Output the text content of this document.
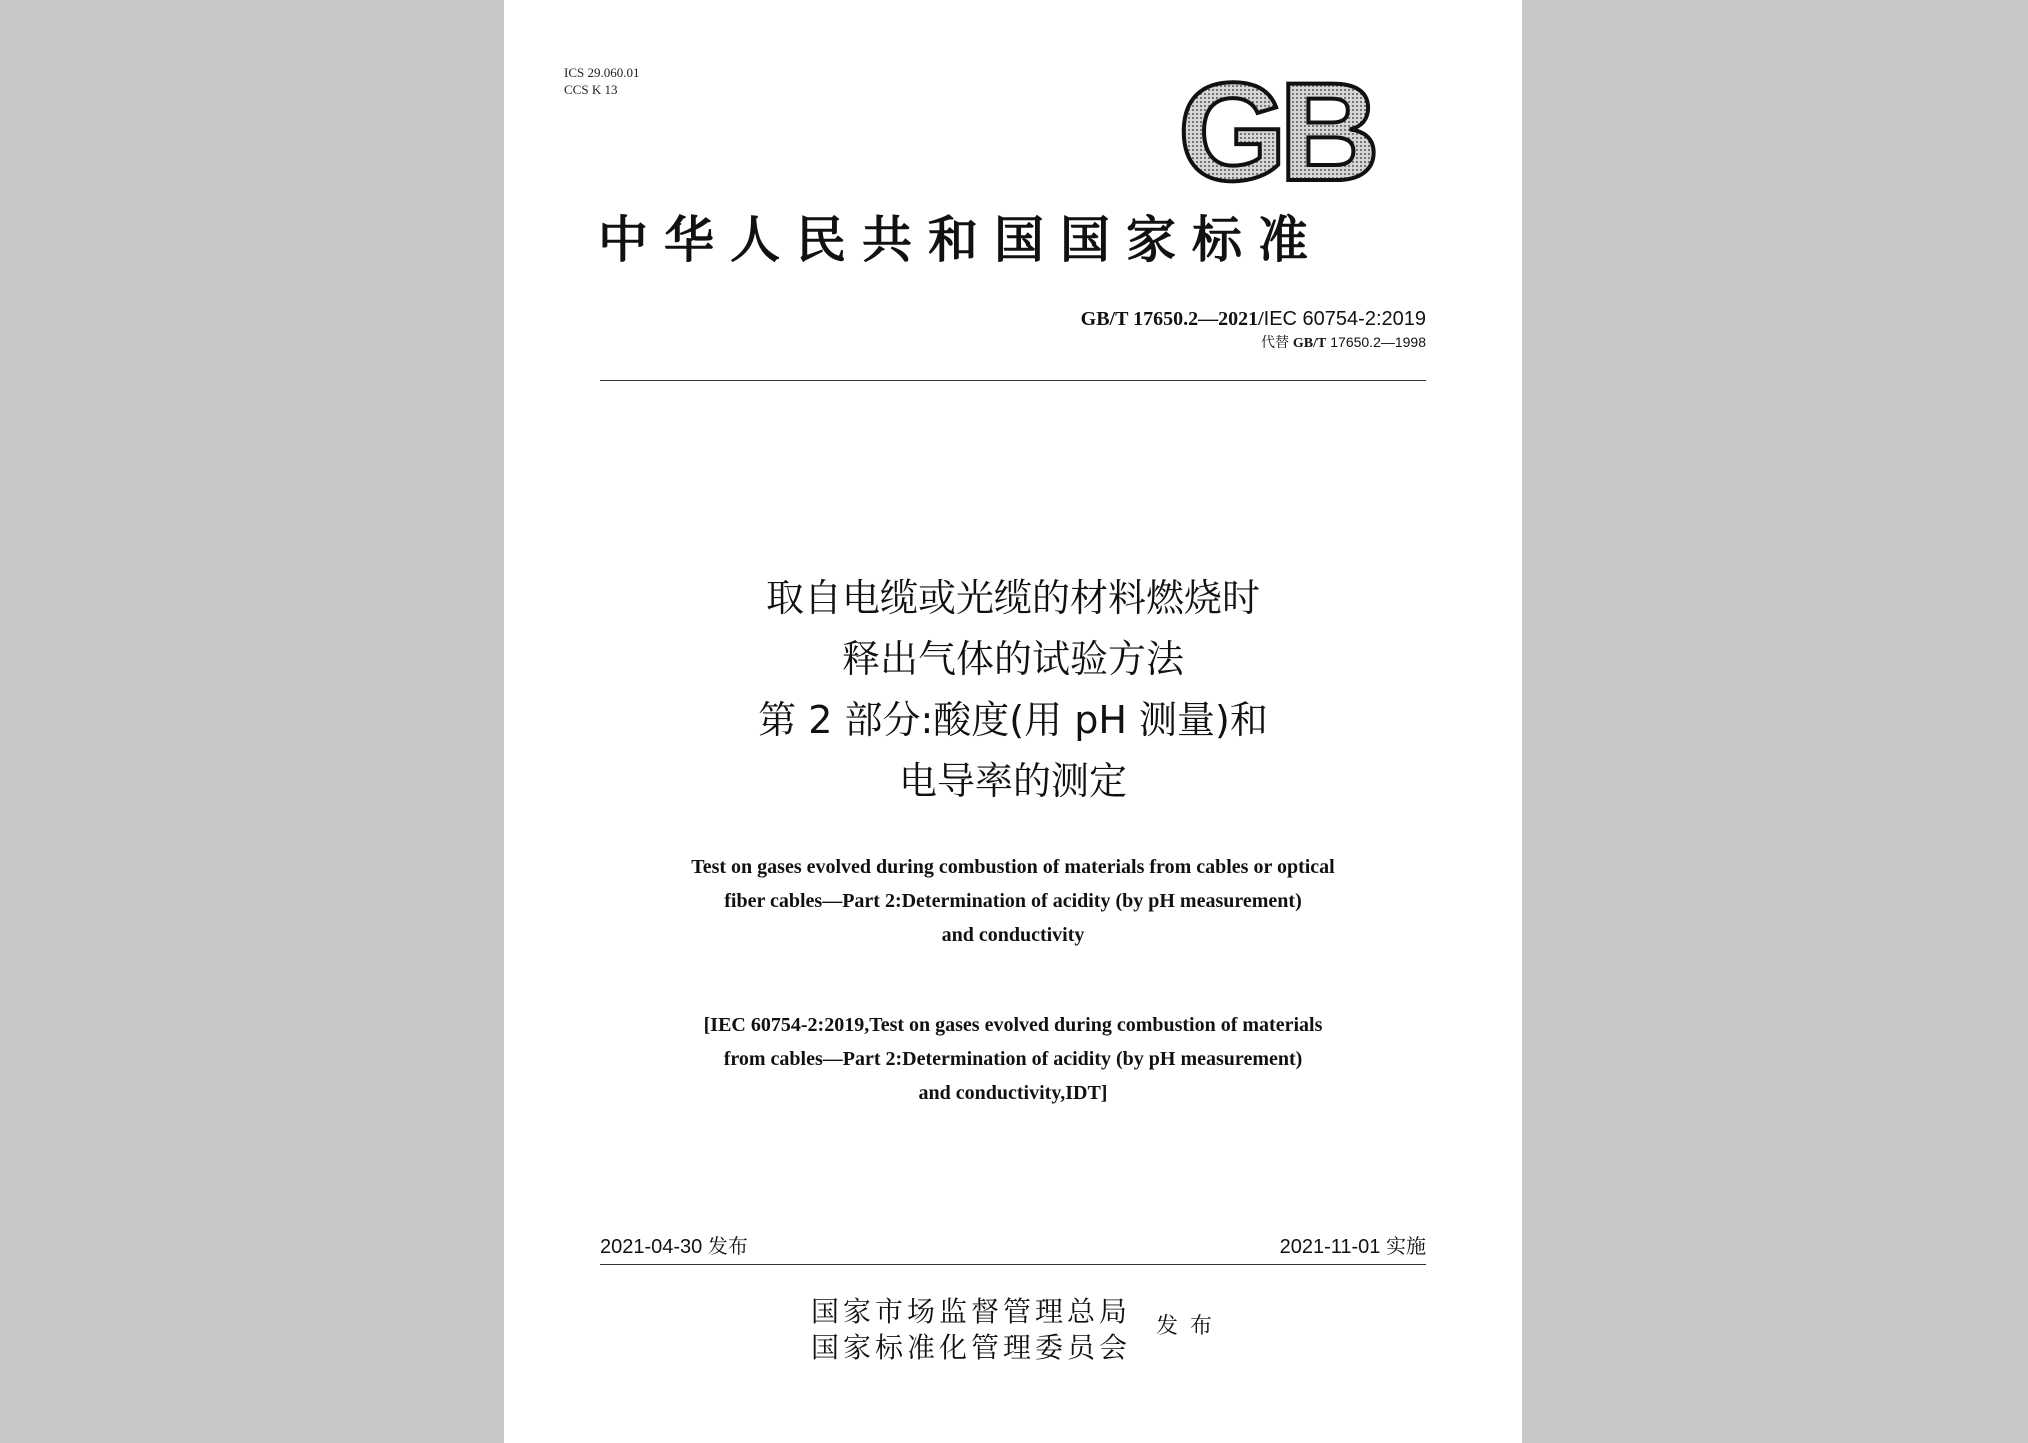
ICS 29.060.01
CCS K 13	GB
中华人民共和国国家标准
GB/T 17650.2—2021/IEC 60754-2:2019
代替 GB/T 17650.2—1998
取自电缆或光缆的材料燃烧时
释出气体的试验方法
第 2 部分:酸度(用 pH 测量)和
电导率的测定
Test on gases evolved during combustion of materials from cables or optical
fiber cables—Part 2:Determination of acidity (by pH measurement)
and conductivity
[IEC 60754-2:2019,Test on gases evolved during combustion of materials
from cables—Part 2:Determination of acidity (by pH measurement)
and conductivity,IDT]
2021-04-30 发布	2021-11-01 实施
国家市场监督管理总局
国家标准化管理委员会
发布
